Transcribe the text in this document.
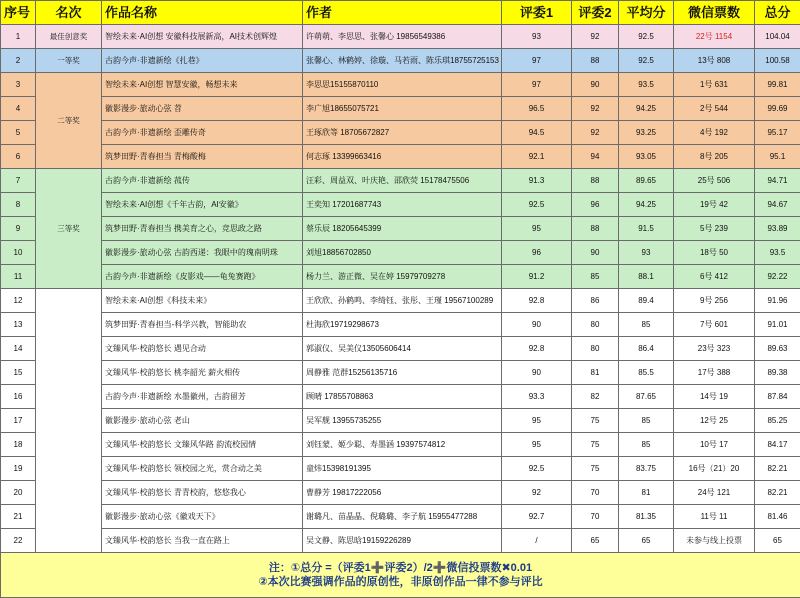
序号	名次	作品名称	作者	评委1	评委2	平均分	微信票数	总分
1	最佳创意奖	智绘未来·AI创想 安徽科技展新高，AI技术创辉煌	许萌萌、李思思、张馨心 19856549386	93	92	92.5	22号 1154	104.04
2	一等奖	古韵今声·非遗新绘《扎巷》	张馨心、林鹤婷、徐璇、马若雨、陈乐琪18755725153	97	88	92.5	13号 808	100.58
3	二等奖	智绘未来·AI创想 智慧安徽，畅想未来	李思思15155870110	97	90	93.5	1号 631	99.81
4		徽影漫步·旅动心弦 苕	李广旭18655075721	96.5	92	94.25	2号 544	99.69
5		古韵今声·非遗新绘 歪雕传奇	王琢欣等 18705672827	94.5	92	93.25	4号 192	95.17
6		筑梦田野·青春担当 青梅酸梅	何志琢 13399663416	92.1	94	93.05	8号 205	95.1
7	三等奖	古韵今声·非遗新绘 菰传	汪彩、周益双、叶庆艳、邵欣荧 15178475506	91.3	88	89.65	25号 506	94.71
8		智绘未来·AI创想《千年古韵，AI安徽》	王奕知 17201687743	92.5	96	94.25	19号 42	94.67
9		筑梦田野·青春担当 携美育之心，竞思政之路	蔡乐辰 18205645399	95	88	91.5	5号 239	93.89
10		徽影漫步·旅动心弦 古韵西递：我眼中的瑰南明珠	刘旭18856702850	96	90	93	18号 50	93.5
11		古韵今声·非遗新绘《皮影戏——龟兔赛跑》	杨力兰、游正微、吴在婷 15979709278	91.2	85	88.1	6号 412	92.22
12		智绘未来·AI创想《科技未来》	王欣欣、孙鹤鸣、李绮钰、张彤、王瑾 19567100289	92.8	86	89.4	9号 256	91.96
13		筑梦田野·青春担当-科学兴教，智能助农	杜海欣19719298673	90	80	85	7号 601	91.01
14		文臻风华·校韵悠长 遇见合动	郭淑仪、吴美仪13505606414	92.8	80	86.4	23号 323	89.63
15		文臻风华·校韵悠长 桃李韶光 薪火相传	周静雅 范群15256135716	90	81	85.5	17号 388	89.38
16		古韵今声·非遗新绘 水墨徽州，古韵留芳	顾晴 17855708863	93.3	82	87.65	14号 19	87.84
17		徽影漫步·旅动心弦 老山	吴军舰 13955735255	95	75	85	12号 25	85.25
18		文臻风华·校韵悠长 文臻风华路 韵流校园情	刘钰蒙、姬少聪、寿墨涵 19397574812	95	75	85	10号 17	84.17
19		文臻风华·校韵悠长 领校园之光，赏合动之美	童炜15398191395	92.5	75	83.75	16号（21）20	82.21
20		文臻风华·校韵悠长 青青校韵，悠悠我心	曹静芳 19817222056	92	70	81	24号 121	82.21
21		徽影漫步·旅动心弦《徽戏天下》	谢璐凡、苗晶晶、倪璐璐、李子航 15955477288	92.7	70	81.35	11号 11	81.46
22		文臻风华·校韵悠长 当我一直在路上	吴文静、陈思晗19159226289	/	65	65	未参与线上投票	65

注：①总分 =（评委1➕评委2）/2➕微信投票数✖0.01
②本次比赛强调作品的原创性，非原创作品一律不参与评比								
